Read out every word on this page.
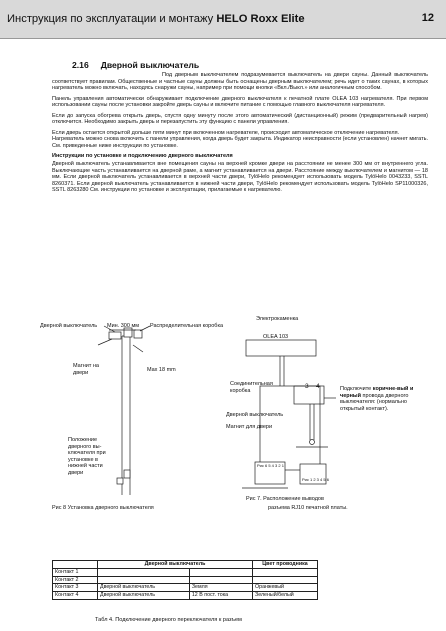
Инструкция по эксплуатации и монтажу HELO Roxx Elite	12
2.16 Дверной выключатель

Под дверным выключателем подразумевается выключатель на двери сауны. Данный выключатель соответствует правилам. Общественные и частные сауны должны быть оснащены дверным выключателем; речь идет о таких саунах, в которых нагреватель можно включать, находясь снаружи сауны, например при помощи кнопки «Вкл./Выкл.» или аналогичным способом.

Панель управления автоматически обнаруживает подключение дверного выключателя к печатной плате OLEA 103 нагревателя. При первом использовании сауны после установки закройте дверь сауны и включите питание с помощью главного выключателя нагревателя.

Если до запуска обогрева открыть дверь, спустя одну минуту после этого автоматический (дистанционный) режим (предварительный нагрев) отключится. Необходимо закрыть дверь и перезапустить эту функцию с панели управления.

Если дверь остается открытой дольше пяти минут при включенном нагревателе, происходит автоматическое отключение нагревателя.

Нагреватель можно снова включить с панели управления, когда дверь будет закрыта. Индикатор неисправности (если установлен) начнет мигать. См. приведенные ниже инструкции по установке.

Инструкции по установке и подключению дверного выключателя

Дверной выключатель устанавливается вне помещения сауны на верхней кромке двери на расстоянии не менее 300 мм от внутреннего угла. Выключающие часть устанавливается на дверной раме, а магнит устанавливается на двери. Расстояние между выключателем и магнитом — 18 мм. Если дверной выключатель устанавливается в верхней части двери, TylöHelo рекомендует использовать модель TylöHelo 0043233, SSTL 8260371. Если дверной выключатель устанавливается в нижней части двери, TylöHelo рекомендует использовать модель TylöHelo SP11000326, SSTL 8263280 См. инструкции по установке и эксплуатации, прилагаемые к нагревателю.

Дверной выключатель Мин. 300 мм Распределительная коробка
Магнит на двери	Max 18 mm
Положение дверного вы-ключателя при установке в нижней части двери
Рис 8 Установка дверного выключателя
Электрокаменка
OLEA 103
Соединительная коробка
3 4
Дверной выключатель
Магнит для двери
Подключите коричне-вый и черный провода дверного выключателя: (нормально открытый контакт).
Рис 6 5 4 3 2 1
Рис 1 2 3 4 5 6
Рис 7. Расположение выводов
разъема RJ10 печатной платы.
	Дверной выключатель		Цвет проводника
Контакт 1			
Контакт 2			
Контакт 3	Дверной выключатель	Земля	Оранжевый
Контакт 4	Дверной выключатель	12 В пост. тока	Зеленый/белый
Табл 4. Подключение дверного переключателя к разъем
